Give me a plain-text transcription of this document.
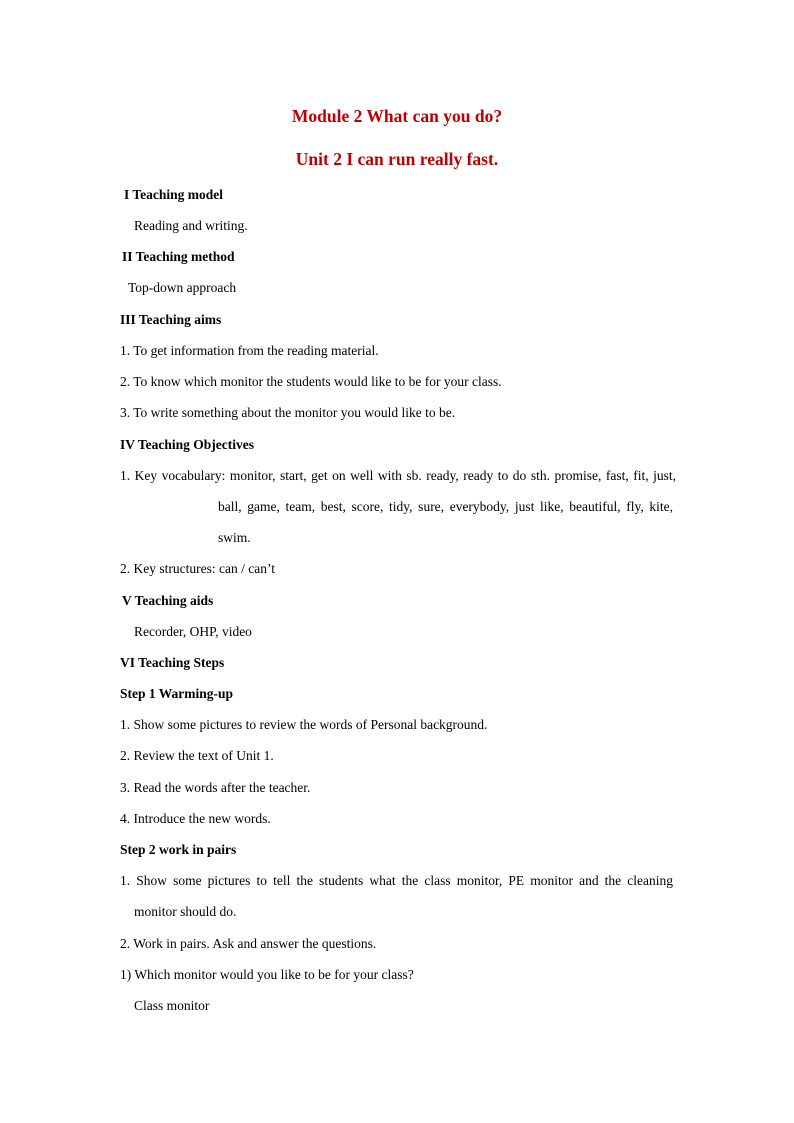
Module 2 What can you do?
Unit 2 I can run really fast.
I Teaching model
Reading and writing.
II Teaching method
Top-down approach
III Teaching aims
1. To get information from the reading material.
2. To know which monitor the students would like to be for your class.
3. To write something about the monitor you would like to be.
IV Teaching Objectives
1. Key vocabulary: monitor, start, get on well with sb. ready, ready to do sth. promise, fast, fit, just,
ball, game, team, best, score, tidy, sure, everybody, just like, beautiful, fly, kite,
swim.
2. Key structures: can / can’t
V Teaching aids
Recorder, OHP, video
VI Teaching Steps
Step 1 Warming-up
1. Show some pictures to review the words of Personal background.
2. Review the text of Unit 1.
3. Read the words after the teacher.
4. Introduce the new words.
Step 2 work in pairs
1. Show some pictures to tell the students what the class monitor, PE monitor and the cleaning
monitor should do.
2. Work in pairs. Ask and answer the questions.
1) Which monitor would you like to be for your class?
Class monitor
